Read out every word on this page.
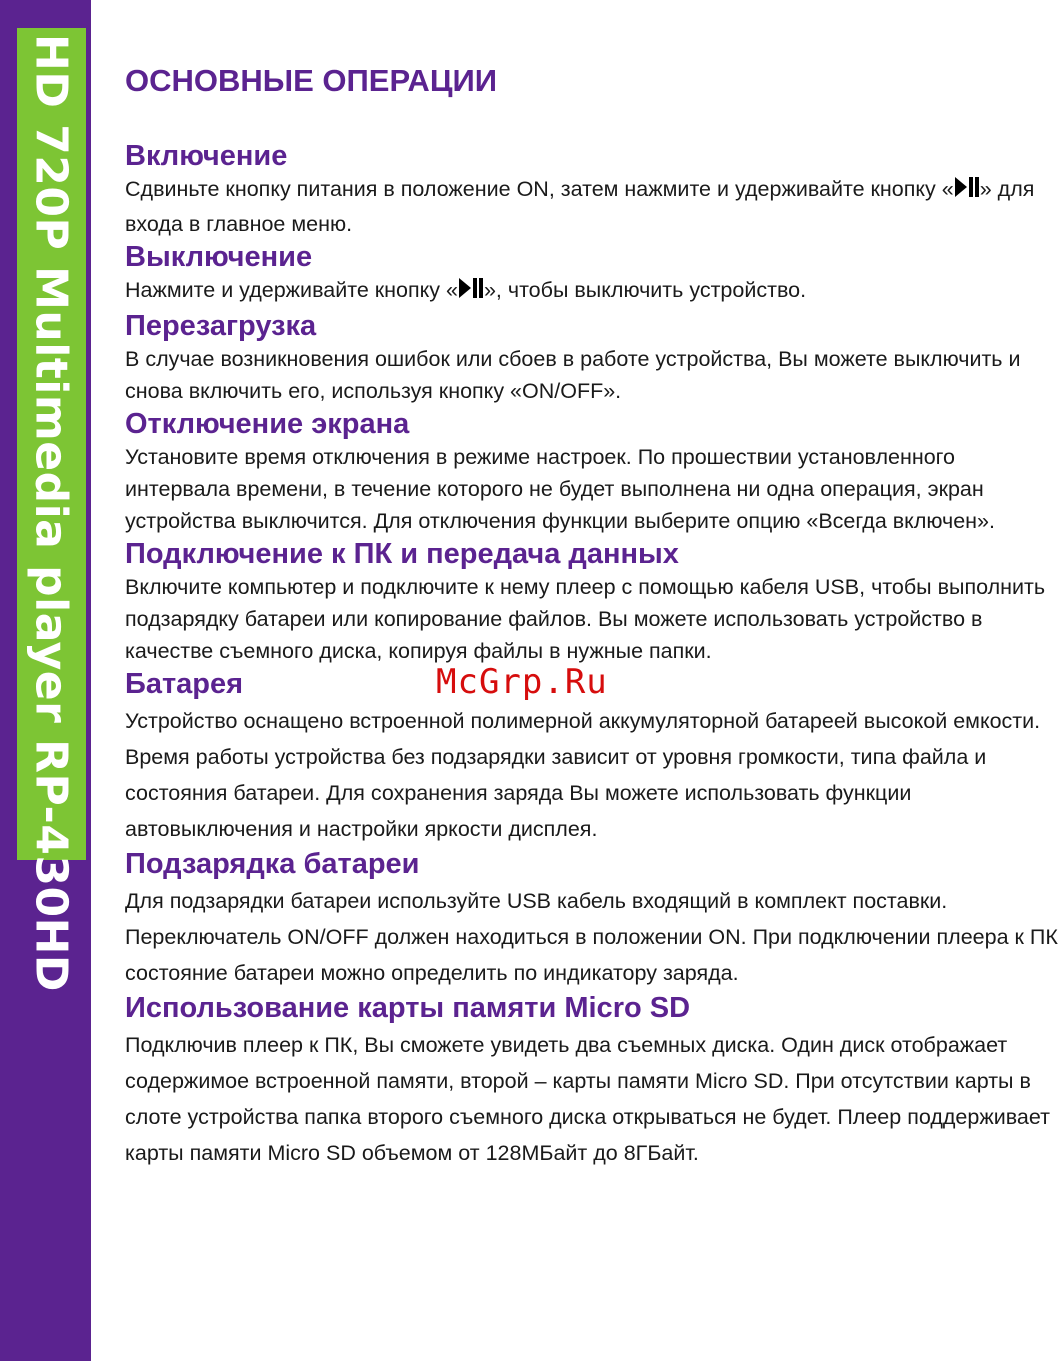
HD 720P Multimedia player RP-430HD ОСНОВНЫЕ ОПЕРАЦИИ
Включение

Сдвиньте кнопку питания в положение ON, затем нажмите и удерживайте кнопку « » для входа в главное меню.

Выключение

Нажмите и удерживайте кнопку « », чтобы выключить устройство.

Перезагрузка

В случае возникновения ошибок или сбоев в работе устройства, Вы можете выключить и снова включить его, используя кнопку «ON/OFF».

Отключение экрана

Установите время отключения в режиме настроек. По прошествии установленного интервала времени, в течение которого не будет выполнена ни одна операция, экран устройства выключится. Для отключения функции выберите опцию «Всегда включен».

Подключение к ПК и передача данных

Включите компьютер и подключите к нему плеер с помощью кабеля USB, чтобы выполнить подзарядку батареи или копирование файлов. Вы можете использовать устройство в качестве съемного диска, копируя файлы в нужные папки.

Батарея

Устройство оснащено встроенной полимерной аккумуляторной батареей высокой емкости. Время работы устройства без подзарядки зависит от уровня громкости, типа файла и состояния батареи. Для сохранения заряда Вы можете использовать функции автовыключения и настройки яркости дисплея.

Подзарядка батареи

Для подзарядки батареи используйте USB кабель входящий в комплект поставки. Переключатель ON/OFF должен находиться в положении ON. При подключении плеера к ПК состояние батареи можно определить по индикатору заряда.

Использование карты памяти Micro SD

Подключив плеер к ПК, Вы сможете увидеть два съемных диска. Один диск отображает содержимое встроенной памяти, второй – карты памяти Micro SD. При отсутствии карты в слоте устройства папка второго съемного диска открываться не будет. Плеер поддерживает карты памяти Micro SD объемом от 128МБайт до 8ГБайт.

McGrp.Ru
